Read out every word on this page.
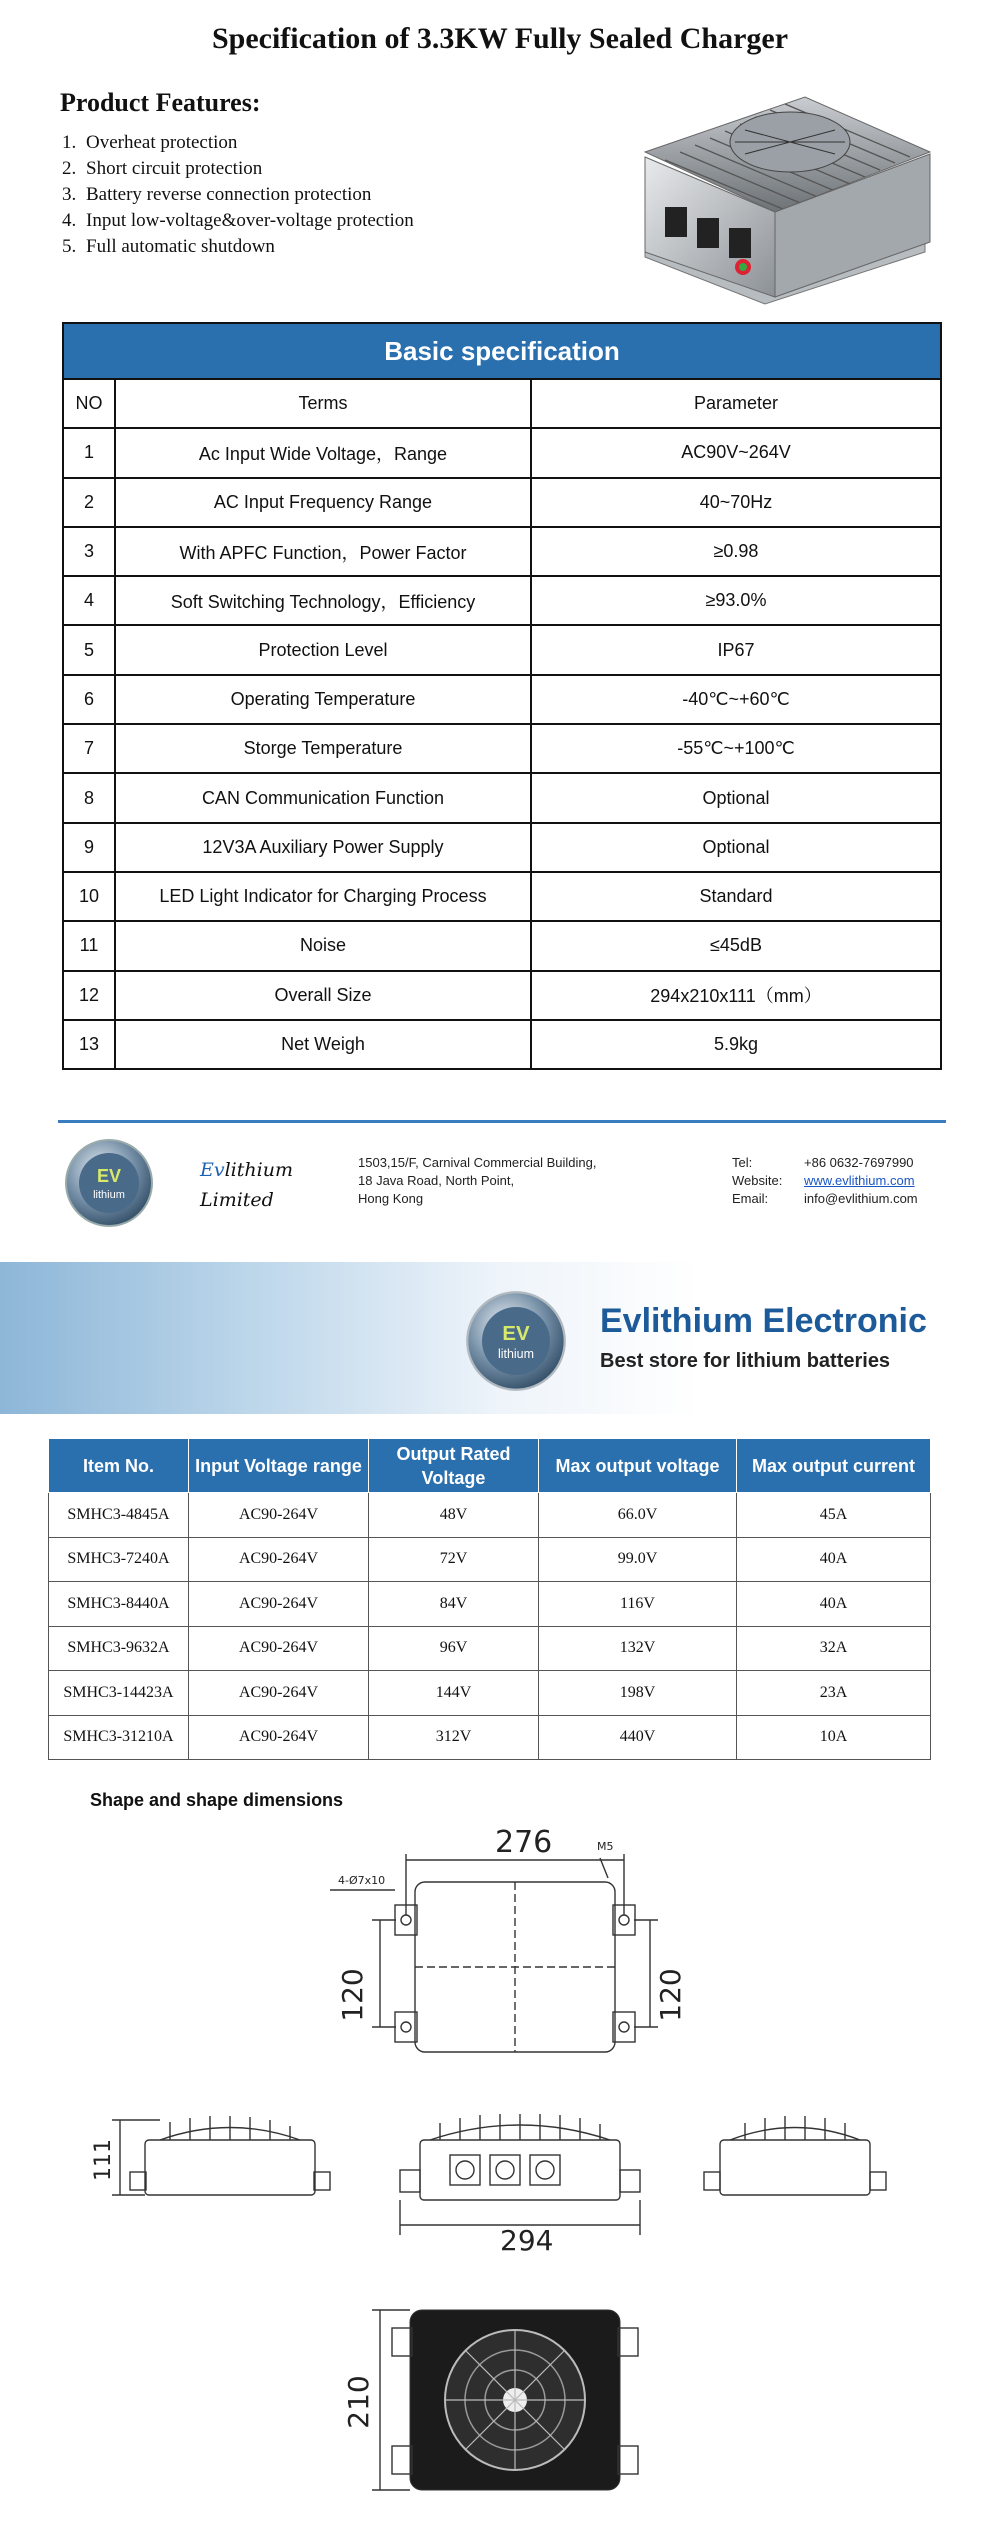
Specification of 3.3KW Fully Sealed Charger
Product Features:
1. Overheat protection
2. Short circuit protection
3. Battery reverse connection protection
4. Input low-voltage&over-voltage protection
5. Full automatic shutdown
Basic specification		
NO	Terms	Parameter
1	Ac Input Wide Voltage，Range	AC90V~264V
2	AC Input Frequency Range	40~70Hz
3	With APFC Function，Power Factor	≥0.98
4	Soft Switching Technology，Efficiency	≥93.0%
5	Protection Level	IP67
6	Operating Temperature	-40℃~+60℃
7	Storge Temperature	-55℃~+100℃
8	CAN Communication Function	Optional
9	12V3A Auxiliary Power Supply	Optional
10	LED Light Indicator for Charging Process	Standard
11	Noise	≤45dB
12	Overall Size	294x210x111（mm）
13	Net Weigh	5.9kg
EV
lithium
Evlithium
Limited
1503,15/F, Carnival Commercial Building,
18 Java Road, North Point,
Hong Kong
Tel:	+86 0632-7697990
Website:	www.evlithium.com
Email:	info@evlithium.com
EV
lithium
Evlithium Electronic
Best store for lithium batteries
Item No.	Input Voltage range	Output Rated Voltage	Max output voltage	Max output current
SMHC3-4845A	AC90-264V	48V	66.0V	45A
SMHC3-7240A	AC90-264V	72V	99.0V	40A
SMHC3-8440A	AC90-264V	84V	116V	40A
SMHC3-9632A	AC90-264V	96V	132V	32A
SMHC3-14423A	AC90-264V	144V	198V	23A
SMHC3-31210A	AC90-264V	312V	440V	10A
Shape and shape dimensions
276	M5
4-Ø7x10
120	120
111
294
210
